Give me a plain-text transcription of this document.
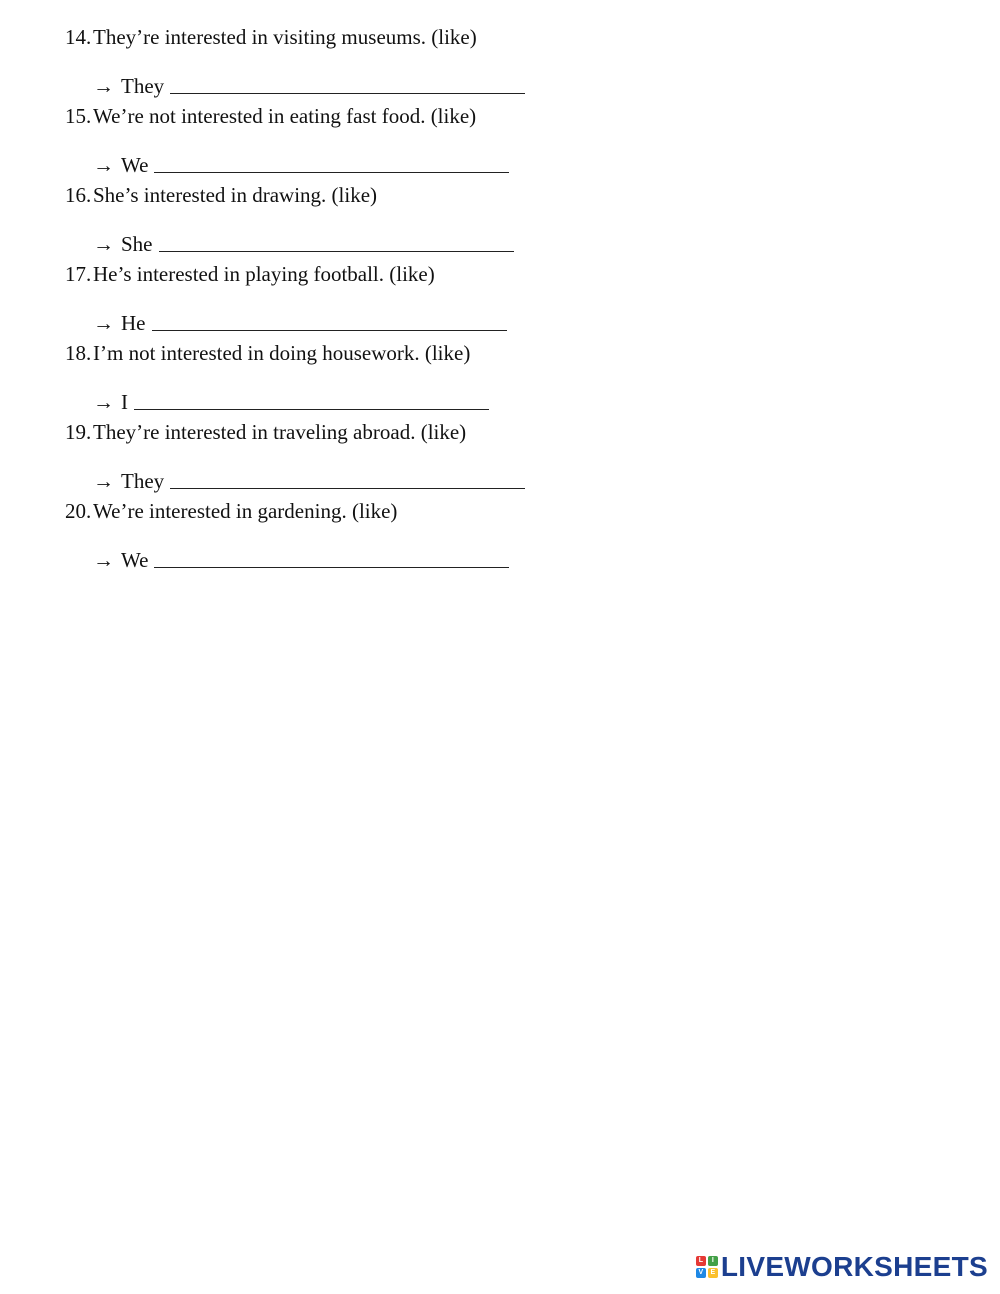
14.They’re interested in visiting museums. (like)
→ They
15.We’re not interested in eating fast food. (like)
→ We
16.She’s interested in drawing. (like)
→ She
17.He’s interested in playing football. (like)
→ He
18.I’m not interested in doing housework. (like)
→ I
19.They’re interested in traveling abroad. (like)
→ They
20.We’re interested in gardening. (like)
→ We
L	I
V	E LIVEWORKSHEETS
